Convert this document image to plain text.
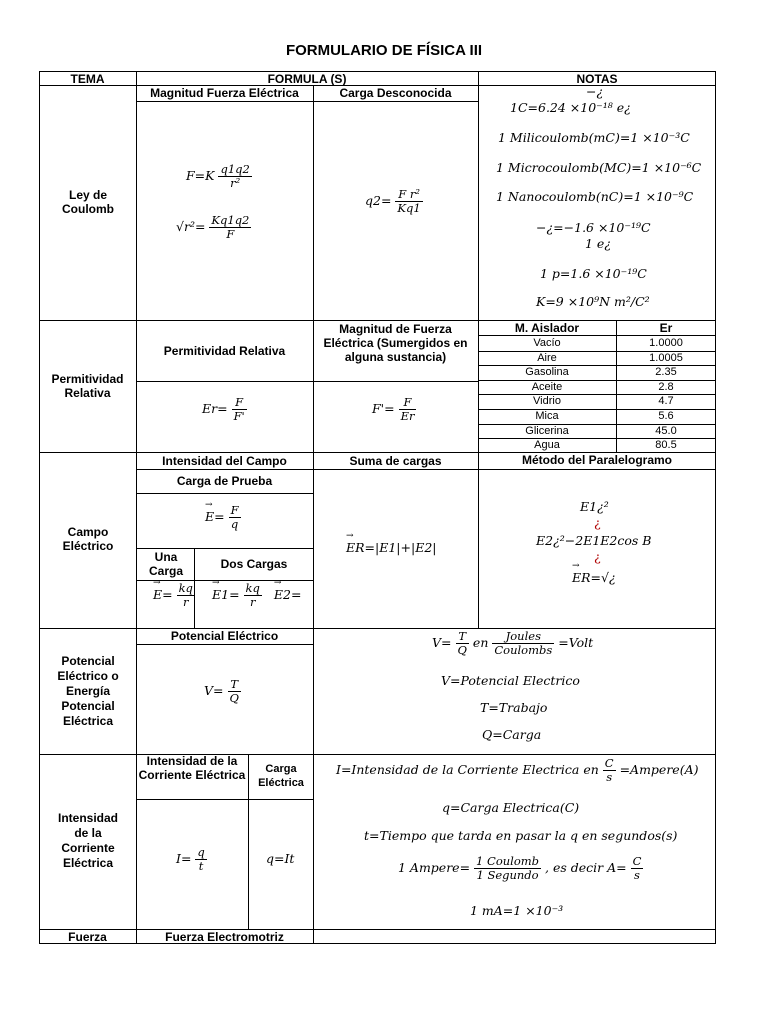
FORMULARIO DE FÍSICA III
TEMA	FORMULA (S)	NOTAS
Ley de Coulomb
Magnitud Fuerza Eléctrica	Carga Desconocida
$F=K \frac{q1q2}{\text{r²}}$
$√r^2= \frac{Kq1q2}{F}$
$q2= \frac{\text{F r²}}{Kq1}$
−¿
1C=6.24 ×10⁻¹⁸ e¿
1 Milicoulomb(mC)=1 ×10⁻³C
1 Microcoulomb(MC)=1 ×10⁻⁶C
1 Nanocoulomb(nC)=1 ×10⁻⁹C
−¿=−1.6 ×10⁻¹⁹C
1 e¿
1 p=1.6 ×10⁻¹⁹C
K=9 ×10⁹N m²/C²
Permitividad Relativa
Permitividad Relativa
Magnitud de Fuerza Eléctrica (Sumergidos en alguna sustancia)
$Er= \frac{F}{F'}$	$F'= \frac{F}{Er}$
M. Aislador	Er
Vacío	1.0000
Aire	1.0005
Gasolina	2.35
Aceite	2.8
Vidrio	4.7
Mica	5.6
Glicerina	45.0
Agua	80.5
Campo Eléctrico
Intensidad del Campo	Suma de cargas	Método del Paralelogramo
Carga de Prueba
→ $E= \frac{F}{q}$
Una Carga	Dos Cargas
→ $E= \frac{kq}{r}$
→ $E1= \frac{kq}{r}$
→ E2=
→ ER=|E1|+|E2|
E1¿²
¿
E2¿²−2E1E2cos B
¿
→ ER=√¿
Potencial Eléctrico o Energía Potencial Eléctrica
Potencial Eléctrico
$V= \frac{T}{Q}$
$V= \frac{T}{Q}$ en	Joules
Coulombs =Volt
V=Potencial Electrico
T=Trabajo
Q=Carga
Intensidad de la Corriente Eléctrica
Intensidad de la Corriente Eléctrica	Carga Eléctrica
$I= \frac{q}{t}$	q=It
I=Intensidad de la Corriente Electrica en $\frac{C}{s}$ =Ampere(A)
q=Carga Electrica(C)
t=Tiempo que tarda en pasar la q en segundos(s)
1 Ampere= 1 Coulomb
1 Segundo , es decir $A= \frac{C}{s}$
1 mA=1 ×10⁻³
Fuerza	Fuerza Electromotriz
